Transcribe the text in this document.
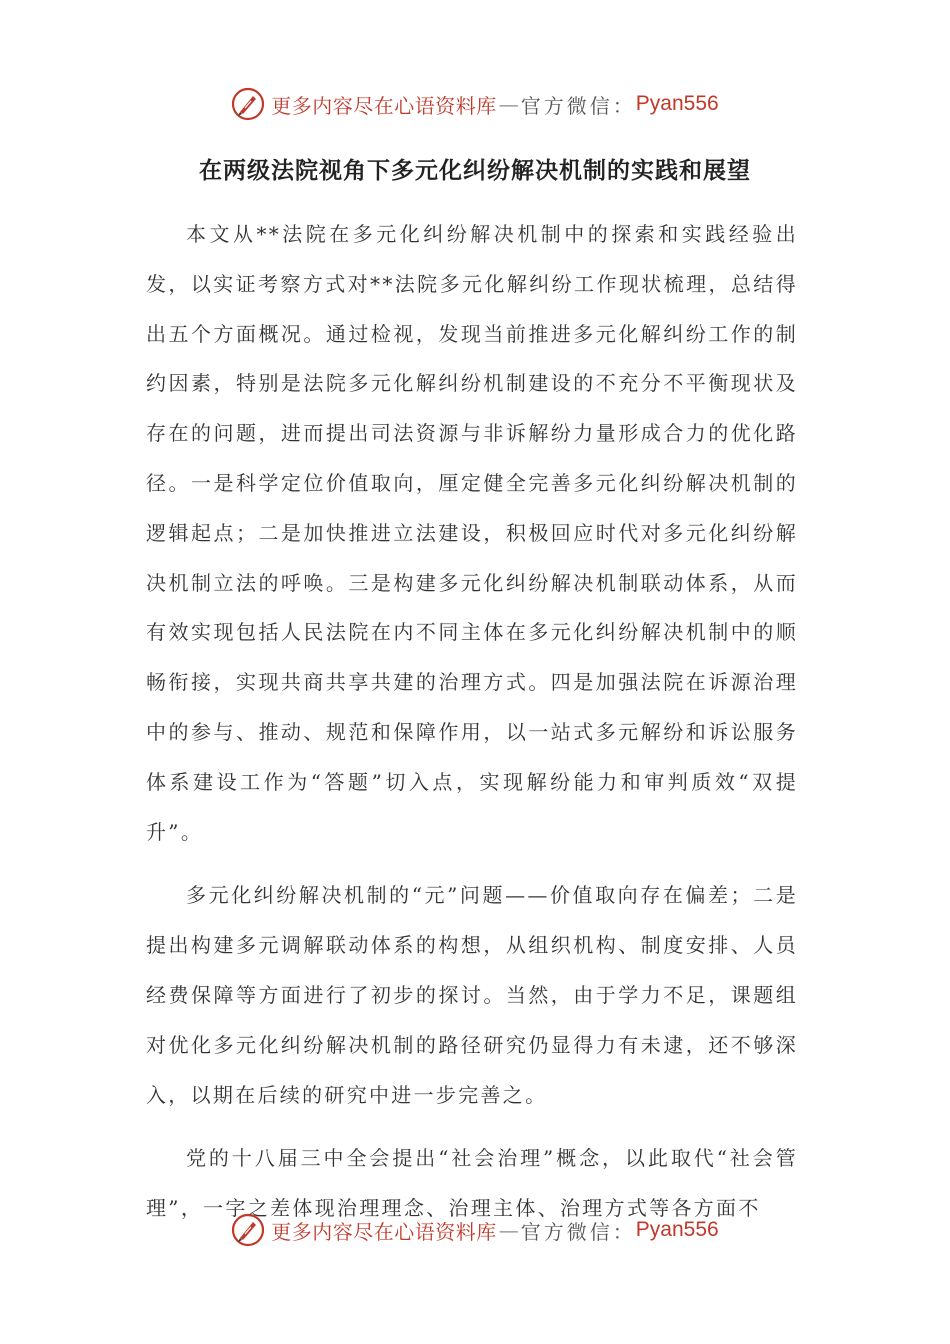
更多内容尽在心语资料库 — 官方微信： Pyan556
在两级法院视角下多元化纠纷解决机制的实践和展望

本文从**法院在多元化纠纷解决机制中的探索和实践经验出发，以实证考察方式对**法院多元化解纠纷工作现状梳理，总结得出五个方面概况。通过检视，发现当前推进多元化解纠纷工作的制约因素，特别是法院多元化解纠纷机制建设的不充分不平衡现状及存在的问题，进而提出司法资源与非诉解纷力量形成合力的优化路径。一是科学定位价值取向，厘定健全完善多元化纠纷解决机制的逻辑起点；二是加快推进立法建设，积极回应时代对多元化纠纷解决机制立法的呼唤。三是构建多元化纠纷解决机制联动体系，从而有效实现包括人民法院在内不同主体在多元化纠纷解决机制中的顺畅衔接，实现共商共享共建的治理方式。四是加强法院在诉源治理中的参与、推动、规范和保障作用，以一站式多元解纷和诉讼服务体系建设工作为“答题”切入点，实现解纷能力和审判质效“双提升”。

多元化纠纷解决机制的“元”问题——价值取向存在偏差；二是提出构建多元调解联动体系的构想，从组织机构、制度安排、人员经费保障等方面进行了初步的探讨。当然，由于学力不足，课题组对优化多元化纠纷解决机制的路径研究仍显得力有未逮，还不够深入，以期在后续的研究中进一步完善之。

党的十八届三中全会提出“社会治理”概念，以此取代“社会管理”，一字之差体现治理理念、治理主体、治理方式等各方面不

更多内容尽在心语资料库 — 官方微信： Pyan556
